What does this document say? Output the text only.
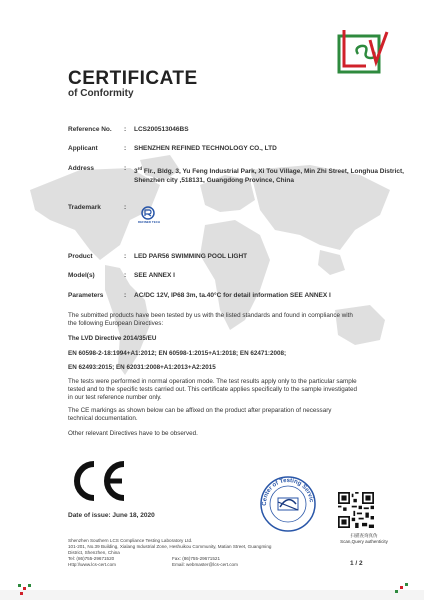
CERTIFICATE
of Conformity
Reference No.	: LCS200513046BS
Applicant	: SHENZHEN REFINED TECHNOLOGY CO., LTD
Address	: 3rd Flr., Bldg. 3, Yu Feng Industrial Park, Xi Tou Village, Min Zhi Street, Longhua District, Shenzhen city ,518131, Guangdong Province, China
Trademark	:
REFINED TECH
Product	: LED PAR56 SWIMMING POOL LIGHT
Model(s)	: SEE ANNEX I
Parameters	: AC/DC 12V, IP68 3m, ta.40°C for detail information SEE ANNEX I
The submitted products have been tested by us with the listed standards and found in compliance with the following European Directives:
The LVD Directive 2014/35/EU
EN 60598-2-18:1994+A1:2012; EN 60598-1:2015+A1:2018; EN 62471:2008;
EN 62493:2015; EN 62031:2008+A1:2013+A2:2015
The tests were performed in normal operation mode. The test results apply only to the particular sample tested and to the specific tests carried out. This certificate applies specifically to the sample investigated in our test reference number only.
The CE markings as shown below can be affixed on the product after preparation of necessary technical documentation.
Other relevant Directives have to be observed.
Date of issue: June 18, 2020
Center of Testing Servic
扫描查询真伪
Scan,Query authenticity
Shenzhen Southern LCS Compliance Testing Laboratory Ltd.
101-201, No.39 Building, Xialang Industrial Zone, Heshuikou Community, Matian Street, Guangming
District, Shenzhen, China
Tel: (86)755-29671520	Fax: (86)755-29671521
Http:\\www.lcs-cert.com	Email: webmaster@lcs-cert.com	1 / 2
